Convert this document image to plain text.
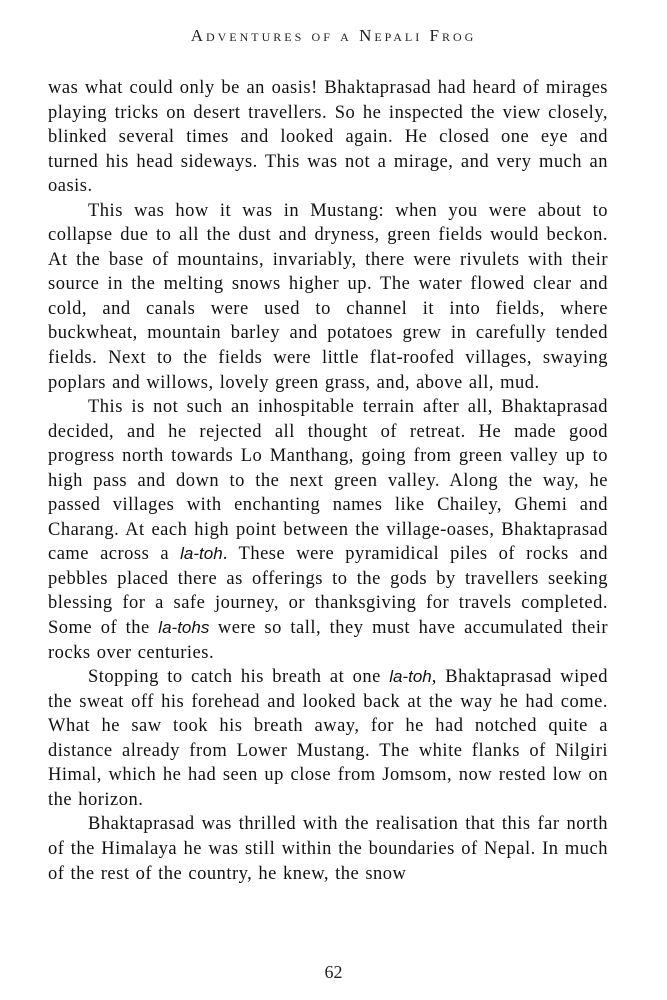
Adventures of a Nepali Frog

was what could only be an oasis! Bhaktaprasad had heard of mirages playing tricks on desert travellers. So he inspected the view closely, blinked several times and looked again. He closed one eye and turned his head sideways. This was not a mirage, and very much an oasis.

This was how it was in Mustang: when you were about to collapse due to all the dust and dryness, green fields would beckon. At the base of mountains, invariably, there were rivulets with their source in the melting snows higher up. The water flowed clear and cold, and canals were used to channel it into fields, where buckwheat, mountain barley and potatoes grew in carefully tended fields. Next to the fields were little flat-roofed villages, swaying poplars and willows, lovely green grass, and, above all, mud.

This is not such an inhospitable terrain after all, Bhaktaprasad decided, and he rejected all thought of retreat. He made good progress north towards Lo Manthang, going from green valley up to high pass and down to the next green valley. Along the way, he passed villages with enchanting names like Chailey, Ghemi and Charang. At each high point between the village-oases, Bhaktaprasad came across a la-toh. These were pyramidical piles of rocks and pebbles placed there as offerings to the gods by travellers seeking blessing for a safe journey, or thanksgiving for travels completed. Some of the la-tohs were so tall, they must have accumulated their rocks over centuries.

Stopping to catch his breath at one la-toh, Bhaktaprasad wiped the sweat off his forehead and looked back at the way he had come. What he saw took his breath away, for he had notched quite a distance already from Lower Mustang. The white flanks of Nilgiri Himal, which he had seen up close from Jomsom, now rested low on the horizon.

Bhaktaprasad was thrilled with the realisation that this far north of the Himalaya he was still within the boundaries of Nepal. In much of the rest of the country, he knew, the snow

62
